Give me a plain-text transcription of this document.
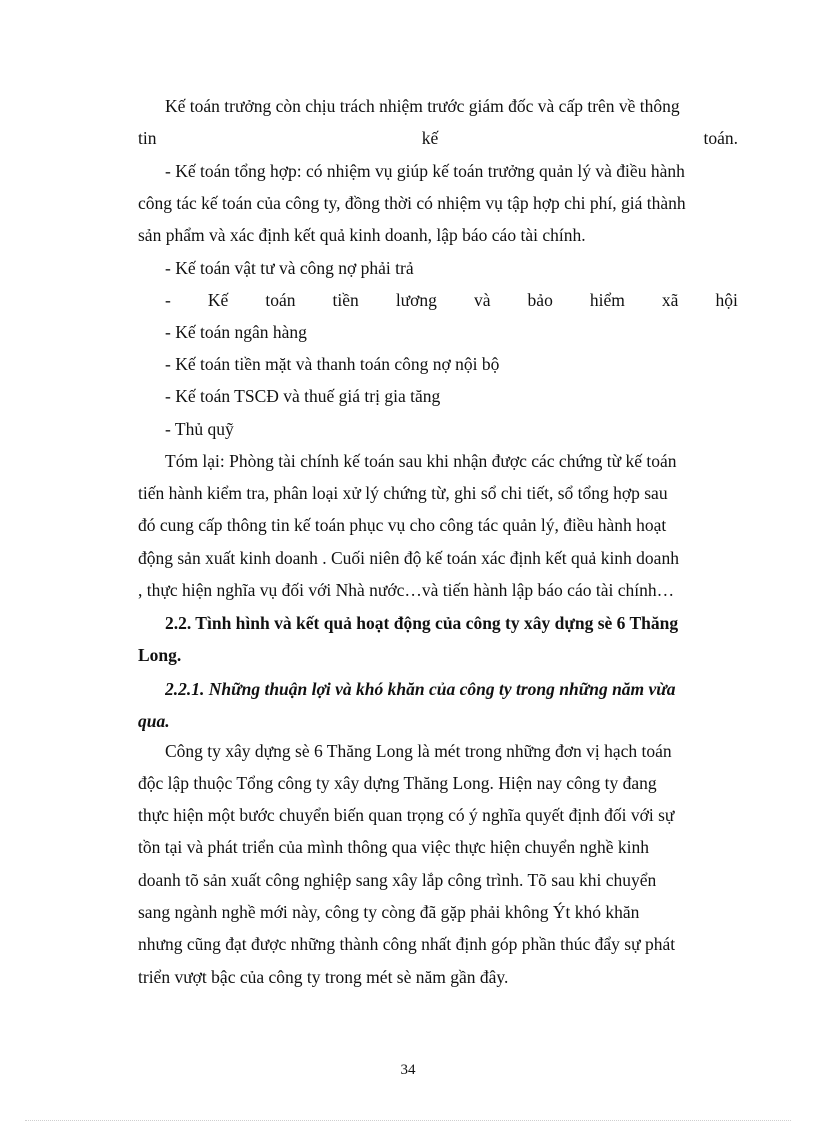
Kế toán trưởng còn chịu trách nhiệm trước giám đốc và cấp trên về thông
tin	kế	toán.
- Kế toán tổng hợp: có nhiệm vụ giúp kế toán trưởng quản lý và điều hành
công tác kế toán của công ty, đồng thời có nhiệm vụ tập hợp chi phí, giá thành
sản phẩm và xác định kết quả kinh doanh, lập báo cáo tài chính.
- Kế toán vật tư và công nợ phải trả
- Kế toán tiền lương và bảo hiểm xã hội
- Kế toán ngân hàng
- Kế toán tiền mặt và thanh toán công nợ nội bộ
- Kế toán TSCĐ và thuế giá trị gia tăng
- Thủ quỹ
Tóm lại: Phòng tài chính kế toán sau khi nhận được các chứng từ kế toán
tiến hành kiểm tra, phân loại xử lý chứng từ, ghi sổ chi tiết, sổ tổng hợp sau
đó cung cấp thông tin kế toán phục vụ cho công tác quản lý, điều hành hoạt
động sản xuất kinh doanh . Cuối niên độ kế toán xác định kết quả kinh doanh
, thực hiện nghĩa vụ đối với Nhà nước…và tiến hành lập báo cáo tài chính…
2.2. Tình hình và kết quả hoạt động của công ty xây dựng sè 6 Thăng
Long.
2.2.1. Những thuận lợi và khó khăn của công ty trong những năm vừa
qua.
Công ty xây dựng sè 6 Thăng Long là mét trong những đơn vị hạch toán
độc lập thuộc Tổng công ty xây dựng Thăng Long. Hiện nay công ty đang
thực hiện một bước chuyển biến quan trọng có ý nghĩa quyết định đối với sự
tồn tại và phát triển của mình thông qua việc thực hiện chuyển nghề kinh
doanh tõ sản xuất công nghiệp sang xây lắp công trình. Tõ sau khi chuyển
sang ngành nghề mới này, công ty còng đã gặp phải không Ýt khó khăn
nhưng cũng đạt được những thành công nhất định góp phần thúc đẩy sự phát
triển vượt bậc của công ty trong mét sè năm gần đây.
34
